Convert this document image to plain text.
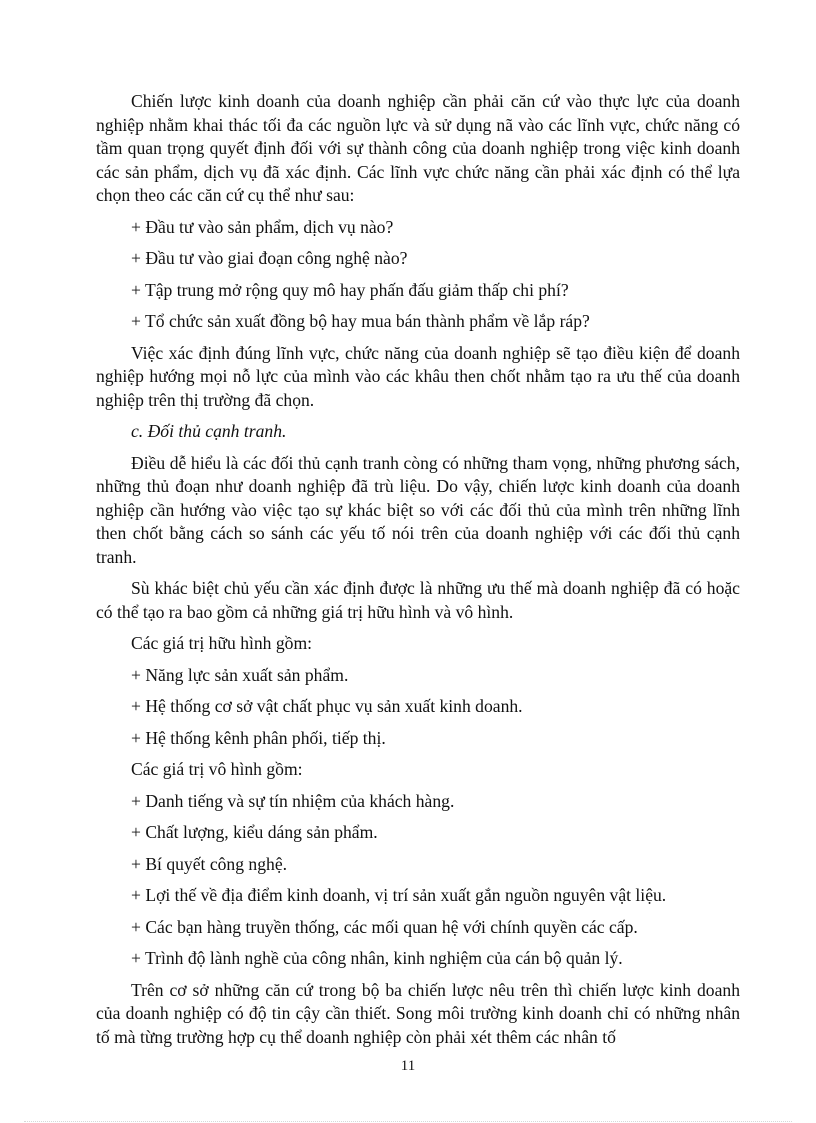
Chiến lược kinh doanh của doanh nghiệp cần phải căn cứ vào thực lực của doanh nghiệp nhằm khai thác tối đa các nguồn lực và sử dụng nã vào các lĩnh vực, chức năng có tầm quan trọng quyết định đối với sự thành công của doanh nghiệp trong việc kinh doanh các sản phẩm, dịch vụ đã xác định. Các lĩnh vực chức năng cần phải xác định có thể lựa chọn theo các căn cứ cụ thể như sau:

+ Đầu tư vào sản phẩm, dịch vụ nào?

+ Đầu tư vào giai đoạn công nghệ nào?

+ Tập trung mở rộng quy mô hay phấn đấu giảm thấp chi phí?

+ Tổ chức sản xuất đồng bộ hay mua bán thành phẩm về lắp ráp?

Việc xác định đúng lĩnh vực, chức năng của doanh nghiệp sẽ tạo điều kiện để doanh nghiệp hướng mọi nỗ lực của mình vào các khâu then chốt nhằm tạo ra ưu thế của doanh nghiệp trên thị trường đã chọn.

c. Đối thủ cạnh tranh.

Điều dễ hiểu là các đối thủ cạnh tranh còng có những tham vọng, những phương sách, những thủ đoạn như doanh nghiệp đã trù liệu. Do vậy, chiến lược kinh doanh của doanh nghiệp cần hướng vào việc tạo sự khác biệt so với các đối thủ của mình trên những lĩnh then chốt bằng cách so sánh các yếu tố nói trên của doanh nghiệp với các đối thủ cạnh tranh.

Sù khác biệt chủ yếu cần xác định được là những ưu thế mà doanh nghiệp đã có hoặc có thể tạo ra bao gồm cả những giá trị hữu hình và vô hình.

Các giá trị hữu hình gồm:

+ Năng lực sản xuất sản phẩm.

+ Hệ thống cơ sở vật chất phục vụ sản xuất kinh doanh.

+ Hệ thống kênh phân phối, tiếp thị.

Các giá trị vô hình gồm:

+ Danh tiếng và sự tín nhiệm của khách hàng.

+ Chất lượng, kiểu dáng sản phẩm.

+ Bí quyết công nghệ.

+ Lợi thế về địa điểm kinh doanh, vị trí sản xuất gắn nguồn nguyên vật liệu.

+ Các bạn hàng truyền thống, các mối quan hệ với chính quyền các cấp.

+ Trình độ lành nghề của công nhân, kinh nghiệm của cán bộ quản lý.

Trên cơ sở những căn cứ trong bộ ba chiến lược nêu trên thì chiến lược kinh doanh của doanh nghiệp có độ tin cậy cần thiết. Song môi trường kinh doanh chỉ có những nhân tố mà từng trường hợp cụ thể doanh nghiệp còn phải xét thêm các nhân tố

11
